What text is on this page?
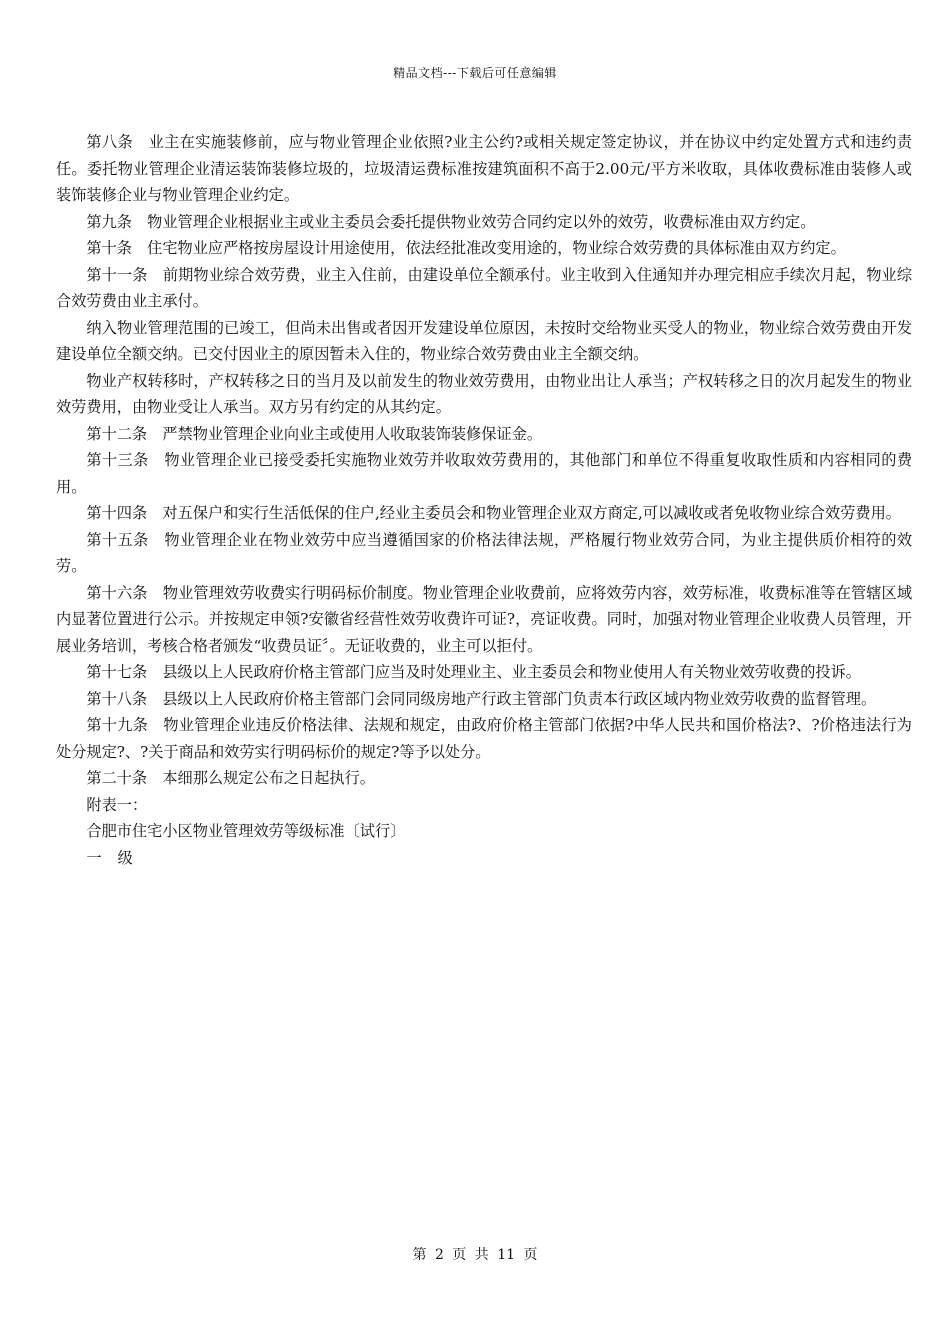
精品文档---下载后可任意编辑

第八条　业主在实施装修前，应与物业管理企业依照?业主公约?或相关规定签定协议，并在协议中约定处置方式和违约责任。委托物业管理企业清运装饰装修垃圾的，垃圾清运费标准按建筑面积不高于2.00元/平方米收取，具体收费标准由装修人或装饰装修企业与物业管理企业约定。

第九条　物业管理企业根据业主或业主委员会委托提供物业效劳合同约定以外的效劳，收费标准由双方约定。

第十条　住宅物业应严格按房屋设计用途使用，依法经批准改变用途的，物业综合效劳费的具体标准由双方约定。

第十一条　前期物业综合效劳费，业主入住前，由建设单位全额承付。业主收到入住通知并办理完相应手续次月起，物业综合效劳费由业主承付。

纳入物业管理范围的已竣工，但尚未出售或者因开发建设单位原因，未按时交给物业买受人的物业，物业综合效劳费由开发建设单位全额交纳。已交付因业主的原因暂未入住的，物业综合效劳费由业主全额交纳。

物业产权转移时，产权转移之日的当月及以前发生的物业效劳费用，由物业出让人承当；产权转移之日的次月起发生的物业效劳费用，由物业受让人承当。双方另有约定的从其约定。

第十二条　严禁物业管理企业向业主或使用人收取装饰装修保证金。

第十三条　物业管理企业已接受委托实施物业效劳并收取效劳费用的，其他部门和单位不得重复收取性质和内容相同的费用。

第十四条　对五保户和实行生活低保的住户,经业主委员会和物业管理企业双方商定,可以减收或者免收物业综合效劳费用。

第十五条　物业管理企业在物业效劳中应当遵循国家的价格法律法规，严格履行物业效劳合同，为业主提供质价相符的效劳。

第十六条　物业管理效劳收费实行明码标价制度。物业管理企业收费前，应将效劳内容，效劳标准，收费标准等在管辖区域内显著位置进行公示。并按规定申领?安徽省经营性效劳收费许可证?，亮证收费。同时，加强对物业管理企业收费人员管理，开展业务培训，考核合格者颁发“收费员证〞。无证收费的，业主可以拒付。

第十七条　县级以上人民政府价格主管部门应当及时处理业主、业主委员会和物业使用人有关物业效劳收费的投诉。

第十八条　县级以上人民政府价格主管部门会同同级房地产行政主管部门负责本行政区域内物业效劳收费的监督管理。

第十九条　物业管理企业违反价格法律、法规和规定，由政府价格主管部门依据?中华人民共和国价格法?、?价格违法行为处分规定?、?关于商品和效劳实行明码标价的规定?等予以处分。

第二十条　本细那么规定公布之日起执行。

附表一：

合肥市住宅小区物业管理效劳等级标准〔试行〕

一级

第 2 页 共 11 页
